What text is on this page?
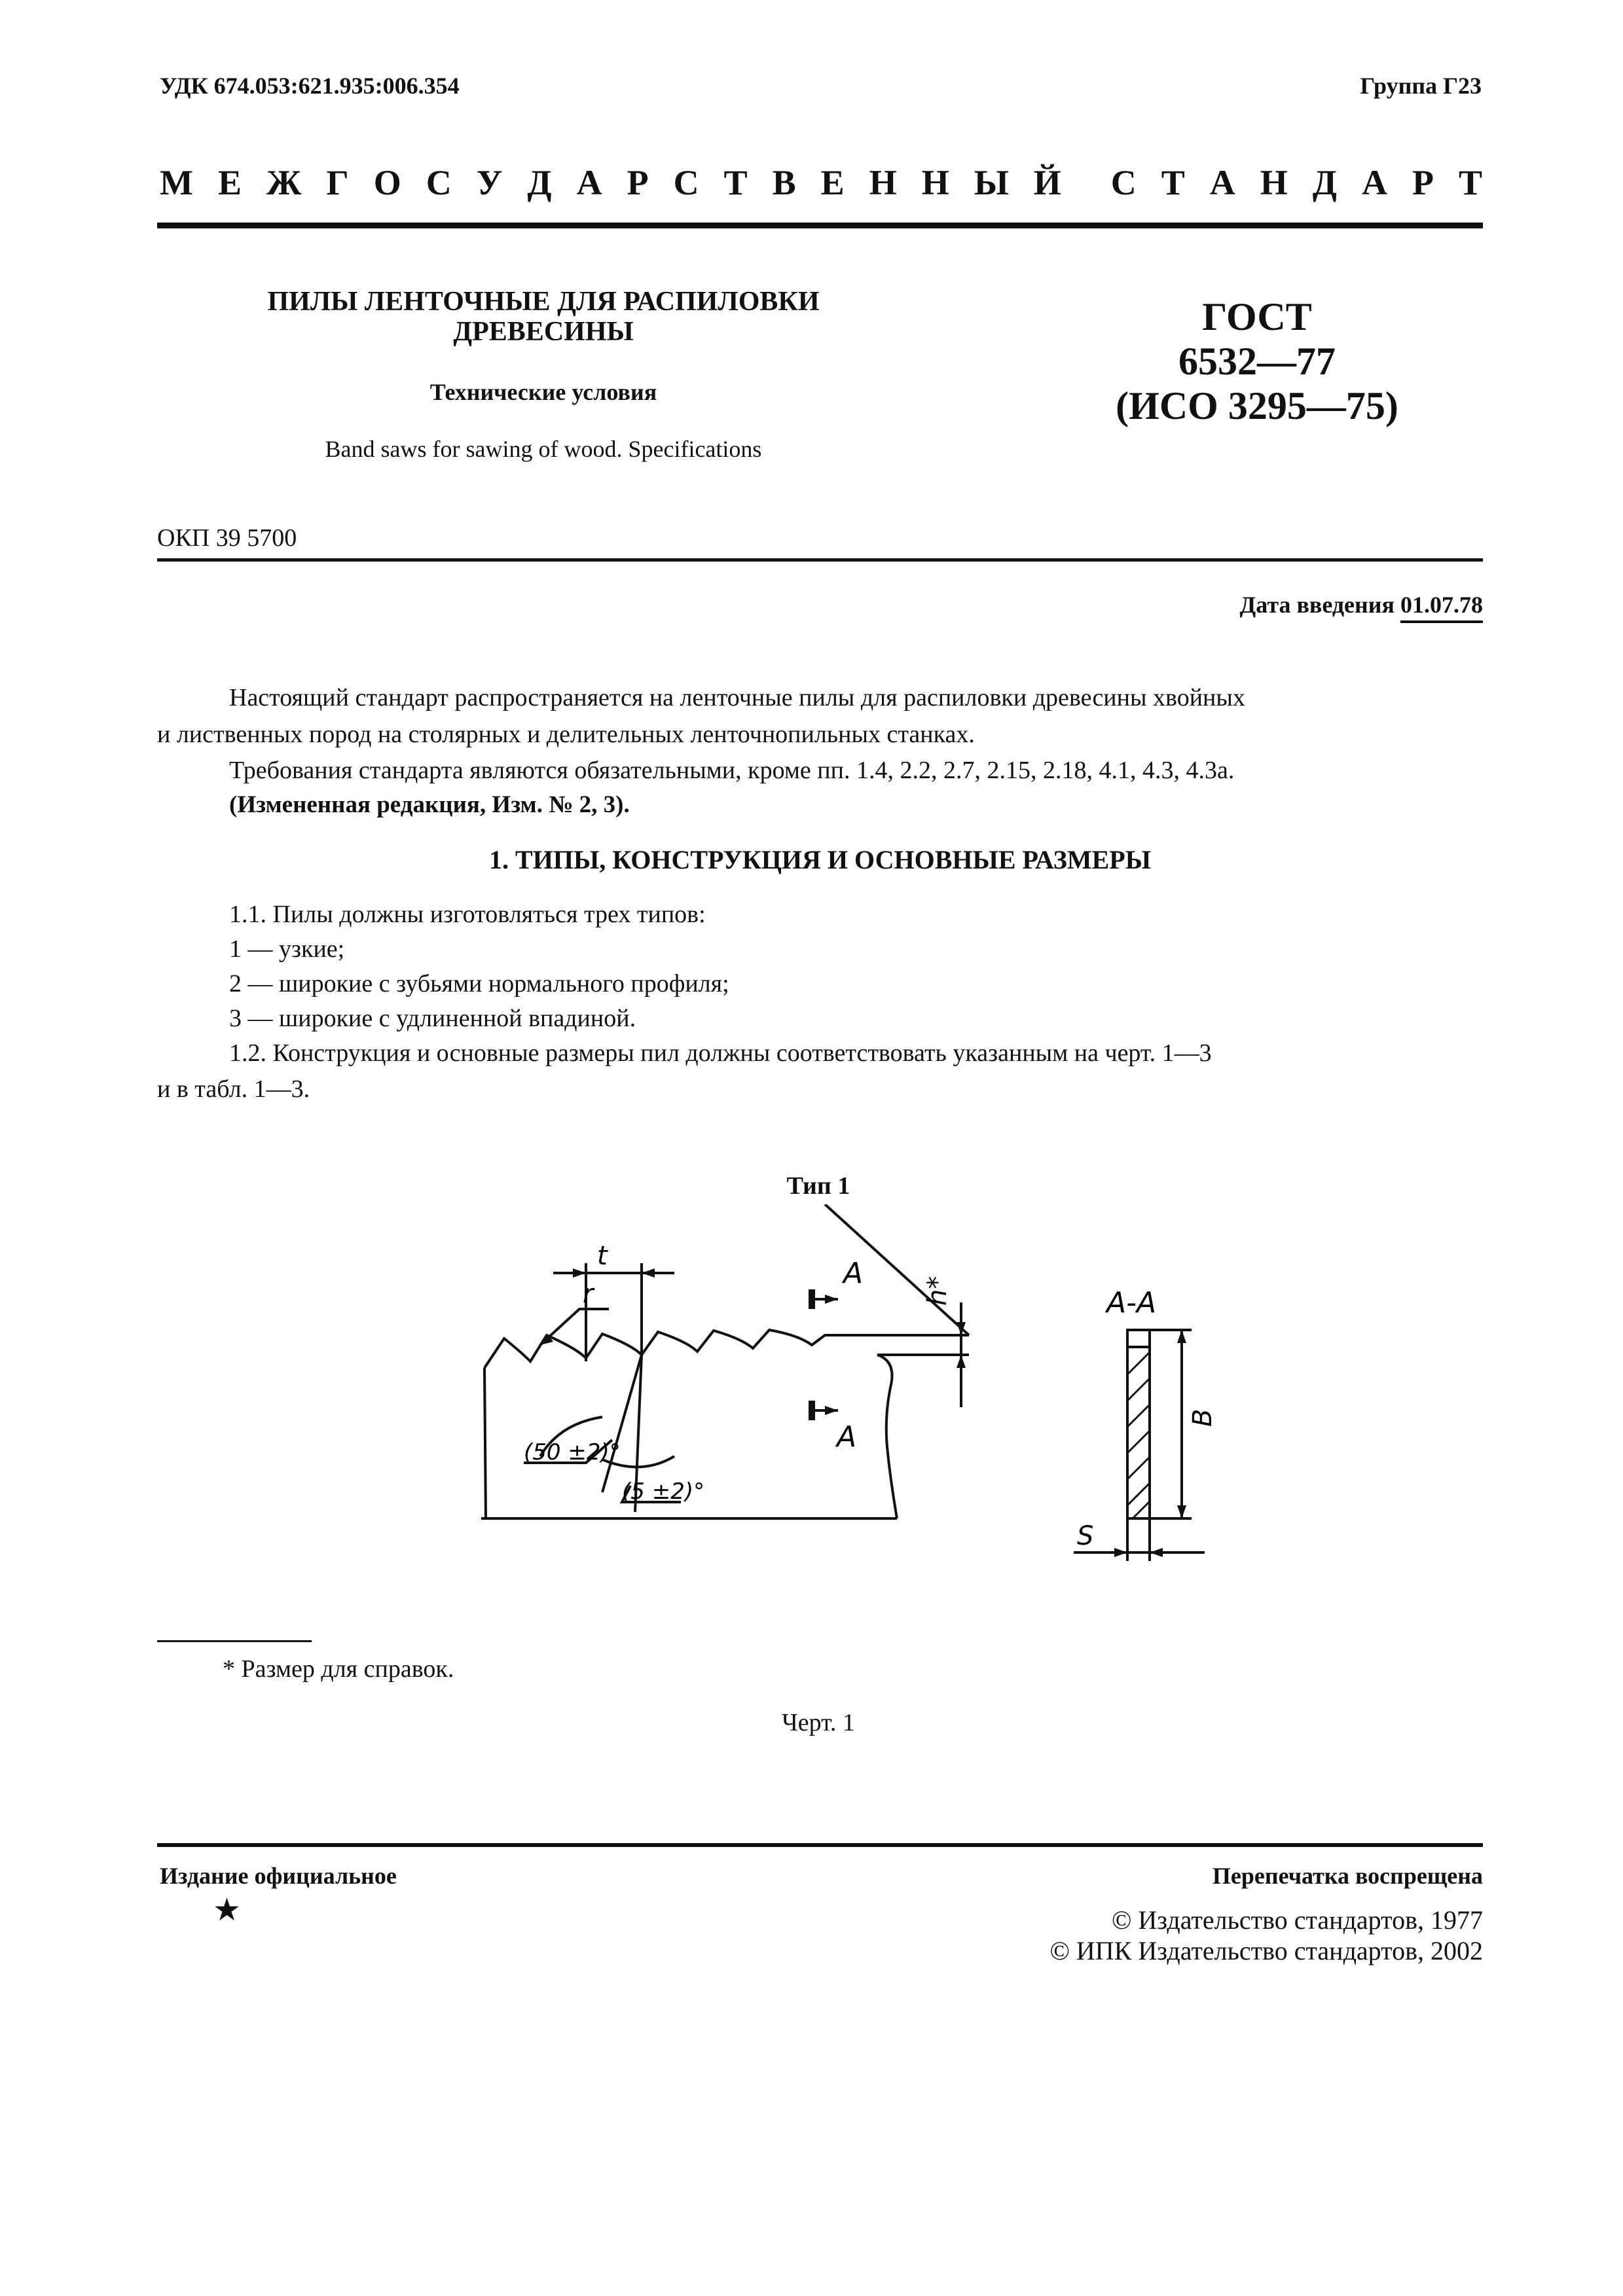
УДК 674.053:621.935:006.354	Группа Г23
М Е Ж Г О С У Д А Р С Т В Е Н Н Ы Й С Т А Н Д А Р Т
ПИЛЫ ЛЕНТОЧНЫЕ ДЛЯ РАСПИЛОВКИ
ДРЕВЕСИНЫ
Технические условия
Band saws for sawing of wood. Specifications
ГОСТ
6532—77
(ИСО 3295—75)
ОКП 39 5700
Дата введения 01.07.78
Настоящий стандарт распространяется на ленточные пилы для распиловки древесины хвойных
и лиственных пород на столярных и делительных ленточнопильных станках.
Требования стандарта являются обязательными, кроме пп. 1.4, 2.2, 2.7, 2.15, 2.18, 4.1, 4.3, 4.3а.
(Измененная редакция, Изм. № 2, 3).
1. ТИПЫ, КОНСТРУКЦИЯ И ОСНОВНЫЕ РАЗМЕРЫ
1.1. Пилы должны изготовляться трех типов:
1 — узкие;
2 — широкие с зубьями нормального профиля;
3 — широкие с удлиненной впадиной.
1.2. Конструкция и основные размеры пил должны соответствовать указанным на черт. 1—3
и в табл. 1—3.
Тип 1
t
r
A
A
h*
(50 ±2)°
(5 ±2)°
A-A
B
S
* Размер для справок.
Черт. 1
Издание официальное
★
Перепечатка воспрещена
© Издательство стандартов, 1977
© ИПК Издательство стандартов, 2002
